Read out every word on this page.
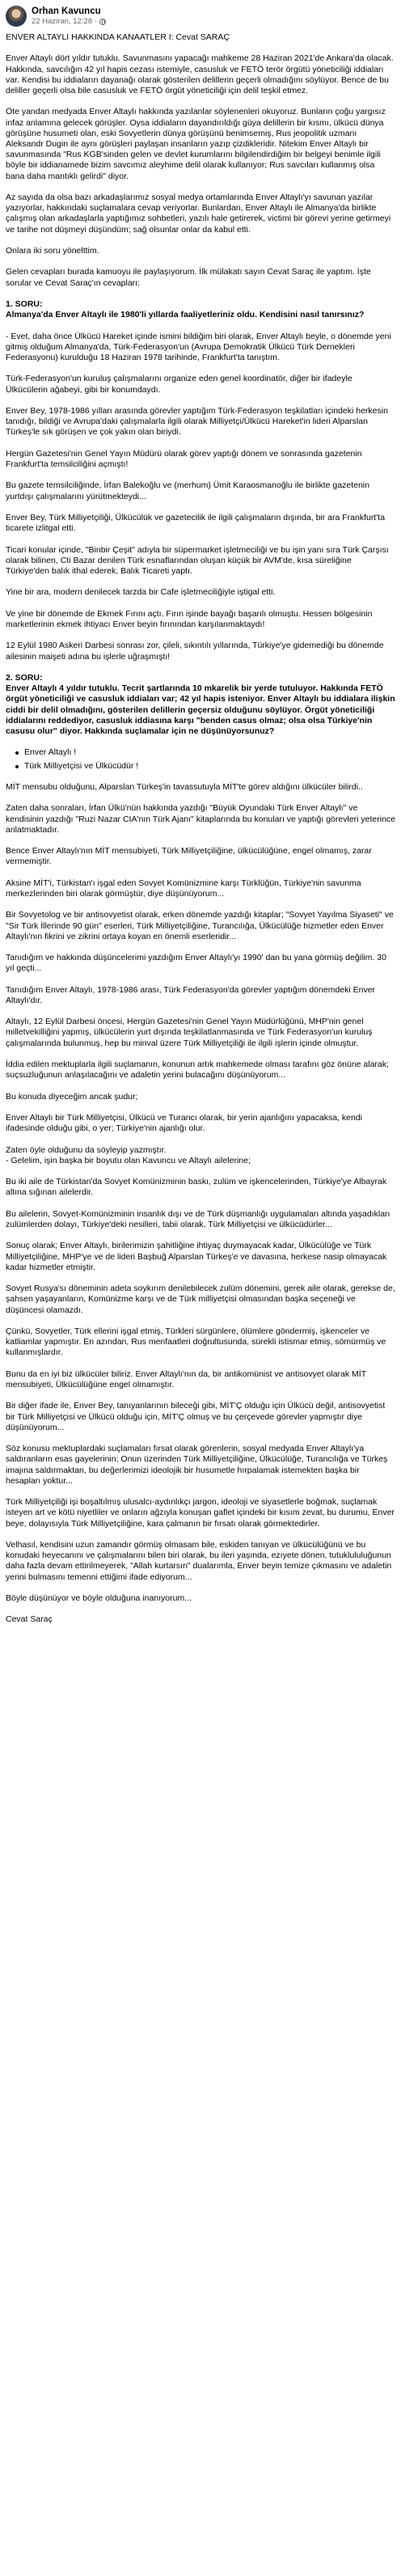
Orhan Kavuncu
22 Haziran, 12:28 ·

ENVER ALTAYLI HAKKINDA KANAATLER I: Cevat SARAÇ

Enver Altaylı dört yıldır tutuklu. Savunmasını yapacağı mahkeme 28 Haziran 2021'de Ankara'da olacak. Hakkında, savcılığın 42 yıl hapis cezası istemiyle, casusluk ve FETÖ terör örgütü yöneticiliği iddiaları var. Kendisi bu iddiaların dayanağı olarak gösterilen delillerin geçerli olmadığını söylüyor. Bence de bu deliller geçerli olsa bile casusluk ve FETÖ örgüt yöneticiliği için delil teşkil etmez.

Öte yandan medyada Enver Altaylı hakkında yazılanlar söylenenleri okuyoruz. Bunların çoğu yargısız infaz anlamına gelecek görüşler. Oysa iddiaların dayandırıldığı güya delillerin bir kısmı, ülkücü dünya görüşüne husumeti olan, eski Sovyetlerin dünya görüşünü benimsemiş, Rus jeopolitik uzmanı Aleksandr Dugin ile aynı görüşleri paylaşan insanların yazıp çizdikleridir. Nitekim Enver Altaylı bir savunmasında "Rus KGB'sinden gelen ve devlet kurumlarını bilgilendirdiğim bir belgeyi benimle ilgili böyle bir iddianamede bizim savcımız aleyhime delil olarak kullanıyor; Rus savcıları kullanmış olsa bana daha mantıklı gelirdi" diyor.

Az sayıda da olsa bazı arkadaşlarımız sosyal medya ortamlarında Enver Altaylı'yı savunan yazılar yazıyorlar, hakkındaki suçlamalara cevap veriyorlar. Bunlardan, Enver Altaylı ile Almanya'da birlikte çalışmış olan arkadaşlarla yaptığımız sohbetleri, yazılı hale getirerek, victimi bir görevi yerine getirmeyi ve tarihe not düşmeyi düşündüm; sağ olsunlar onlar da kabul etti.

Onlara iki soru yönelttim.

Gelen cevapları burada kamuoyu ile paylaşıyorum. İlk mülakatı sayın Cevat Saraç ile yaptım. İşte sorular ve Cevat Saraç'ın cevapları:

1. SORU:

Almanya'da Enver Altaylı ile 1980'li yıllarda faaliyetleriniz oldu. Kendisini nasıl tanırsınız?

- Evet, daha önce Ülkücü Hareket içinde ismini bildiğim biri olarak, Enver Altaylı beyle, o dönemde yeni gitmiş olduğum Almanya'da, Türk-Federasyon'un (Avrupa Demokratik Ülkücü Türk Dernekleri Federasyonu) kurulduğu 18 Haziran 1978 tarihinde, Frankfurt'ta tanıştım.

Türk-Federasyon'un kuruluş çalışmalarını organize eden genel koordinatör, diğer bir ifadeyle Ülkücülerin ağabeyi, gibi bir konumdaydı.

Enver Bey, 1978-1986 yılları arasında görevler yaptığım Türk-Federasyon teşkilatları içindeki herkesin tanıdığı, bildiği ve Avrupa'daki çalışmalarla ilgili olarak Milliyetçi/Ülkücü Hareket'in lideri Alparslan Türkeş'le sık görüşen ve çok yakın olan biriydi.

Hergün Gazetesi'nin Genel Yayın Müdürü olarak görev yaptığı dönem ve sonrasında gazetenin Frankfurt'ta temsilciliğini açmıştı!

Bu gazete temsilciliğinde, İrfan Balekoğlu ve (merhum) Ümit Karaosmanoğlu ile birlikte gazetenin yurtdışı çalışmalarını yürütmekteydi...

Enver Bey, Türk Milliyetçiliği, Ülkücülük ve gazetecilik ile ilgili çalışmaların dışında, bir ara Frankfurt'ta ticarete izlitgal etti.

Ticari konular içinde, "Binbir Çeşit" adıyla bir süpermarket işletmeciliği ve bu işin yanı sıra Türk Çarşısı olarak bilinen, Cti Bazar denilen Türk esnaflarından oluşan küçük bir AVM'de, kısa süreliğine Türkiye'den balık ithal ederek, Balık Ticareti yaptı.

Yine bir ara, modern denilecek tarzda bir Cafe işletmeciliğiyle iştigal etti.

Ve yine bir dönemde de Ekmek Fırını açtı. Fırın işinde bayağı başarılı olmuştu. Hessen bölgesinin marketlerinin ekmek ihtiyacı Enver beyin fırınından karşılanmaktaydı!

12 Eylül 1980 Askeri Darbesi sonrası zor, çileli, sıkıntılı yıllarında, Türkiye'ye gidemediği bu dönemde ailesinin maişeti adına bu işlerle uğraşmıştı!

2. SORU:

Enver Altaylı 4 yıldır tutuklu. Tecrit şartlarında 10 mkarelik bir yerde tutuluyor. Hakkında FETÖ örgüt yöneticiliği ve casusluk iddiaları var; 42 yıl hapis isteniyor. Enver Altaylı bu iddialara ilişkin ciddi bir delil olmadığını, gösterilen delillerin geçersiz olduğunu söylüyor. Örgüt yöneticiliği iddialarını reddediyor, casusluk iddiasına karşı "benden casus olmaz; olsa olsa Türkiye'nin casusu olur" diyor. Hakkında suçlamalar için ne düşünüyorsunuz?

Enver Altaylı !
Türk Milliyetçisi ve Ülkücüdür !

MİT mensubu olduğunu, Alparslan Türkeş'in tavassutuyla MİT'te görev aldığını ülkücüler bilirdi..

Zaten daha sonraları, İrfan Ülkü'nün hakkında yazdığı "Büyük Oyundaki Türk Enver Altaylı" ve kendisinin yazdığı "Ruzi Nazar CIA'nın Türk Ajanı" kitaplarında bu konuları ve yaptığı görevleri yeterince anlatmaktadır.

Bence Enver Altaylı'nın MİT mensubiyeti, Türk Milliyetçiliğine, ülkücülüğüne, engel olmamış, zarar vermemiştir.

Aksine MİT'i, Türkistan'ı işgal eden Sovyet Komünizmine karşı Türklüğün, Türkiye'nin savunma merkezlerinden biri olarak görmüştür, diye düşünüyorum...

Bir Sovyetolog ve bir antisovyetist olarak, erken dönemde yazdığı kitaplar; "Sovyet Yayılma Siyaseti" ve "Sir Türk İllerinde 90 gün" eserleri, Türk Milliyetçiliğine, Turancılığa, Ülkücülüğe hizmetler eden Enver Altaylı'nın fikrini ve zikrini ortaya koyan en önemli eserleridir...

Tanıdığım ve hakkında düşüncelerimi yazdığım Enver Altaylı'yı 1990' dan bu yana görmüş değilim. 30 yıl geçti...

Tanıdığım Enver Altaylı, 1978-1986 arası, Türk Federasyon'da görevler yaptığım dönemdeki Enver Altaylı'dır.

Altaylı, 12 Eylül Darbesi öncesi, Hergün Gazetesi'nin Genel Yayın Müdürlüğünü, MHP'nin genel milletvekilliğini yapmış, ülkücülerin yurt dışında teşkilatlanmasında ve Türk Federasyon'un kuruluş çalışmalarında bulunmuş, hep bu minval üzere Türk Milliyetçiliği ile ilgili işlerin içinde olmuştur.

İddia edilen mektuplarla ilgili suçlamanın, konunun artık mahkemede olması tarafını göz önüne alarak; suçsuzluğunun anlaşılacağını ve adaletin yerini bulacağını düşünüyorum...

Bu konuda diyeceğim ancak şudur;

Enver Altaylı bir Türk Milliyetçisi, Ülkücü ve Turancı olarak, bir yerin ajanlığını yapacaksa, kendi ifadesinde olduğu gibi, o yer; Türkiye'nin ajanlığı olur.

Zaten öyle olduğunu da söyleyip yazmıştır.

- Gelelim, işin başka bir boyutu olan Kavuncu ve Altaylı ailelerine;

Bu iki aile de Türkistan'da Sovyet Komünizminin baskı, zulüm ve işkencelerinden, Türkiye'ye Albayrak altına sığınan ailelerdir.

Bu ailelerin, Sovyet-Komünizminin insanlık dışı ve de Türk düşmanlığı uygulamaları altında yaşadıkları zulümlerden dolayı, Türkiye'deki nesilleri, tabii olarak, Türk Milliyetçisi ve ülkücüdürler...

Sonuç olarak; Enver Altaylı, birilerimizin şahitliğine ihtiyaç duymayacak kadar, Ülkücülüğe ve Türk Milliyetçiliğine, MHP'ye ve de lideri Başbuğ Alparslan Türkeş'e ve davasına, herkese nasip olmayacak kadar hizmetler etmiştir.

Sovyet Rusya'sı döneminin adeta soykırım denilebilecek zulüm dönemini, gerek aile olarak, gerekse de, şahsen yaşayanların, Komünizme karşı ve de Türk milliyetçisi olmasından başka seçeneği ve düşüncesi olamazdı.

Çünkü, Sovyetler, Türk ellerini işgal etmiş, Türkleri sürgünlere, ölümlere göndermiş, işkenceler ve katliamlar yapmıştır. En azından, Rus menfaatleri doğrultusunda, sürekli istismar etmiş, sömürmüş ve kullanmışlardır.

Bunu da en iyi biz ülkücüler biliriz. Enver Altaylı'nın da, bir antikomünist ve antisovyet olarak MİT mensubiyeti, Ülkücülüğüne engel olmamıştır.

Bir diğer ifade ile, Enver Bey, tanıyanlarının bileceği gibi, MİT'Ç olduğu için Ülkücü değil, antisovyetist bir Türk Milliyetçisi ve Ülkücü olduğu için, MİT'Ç olmuş ve bu çerçevede görevler yapmıştır diye düşünüyorum...

Söz konusu mektuplardaki suçlamaları fırsat olarak görenlerin, sosyal medyada Enver Altaylı'ya saldıranların esas gayelerinin; Onun üzerinden Türk Milliyetçiliğine, Ülkücülüğe, Turancılığa ve Türkeş imajına saldırmaktan, bu değerlerimizi ideolojik bir husumetle hırpalamak istemekten başka bir hesapları yoktur...

Türk Milliyetçiliği işi boşaltılmış ulusalcı-aydınlıkçı jargon, ideoloji ve siyasetlerle boğmak, suçlamak isteyen art ve kötü niyetliler ve onların ağzıyla konuşan gaflet içindeki bir kısım zevat, bu durumu, Enver beye, dolayısıyla Türk Milliyetçiliğine, kara çalmanın bir fırsatı olarak görmektedirler.

Velhasıl, kendisini uzun zamandır görmüş olmasam bile, eskiden tanıyan ve ülkücülüğünü ve bu konudaki heyecanını ve çalışmalarını bilen biri olarak, bu ileri yaşında, ezıyete dönen, tutuklululuğunun daha fazla devam ettirilmeyerek, "Allah kurtarsın" dualarımla, Enver beyin temize çıkmasını ve adaletin yerini bulmasını temenni ettiğimi ifade ediyorum...

Böyle düşünüyor ve böyle olduğuna inanıyorum...

Cevat Saraç
